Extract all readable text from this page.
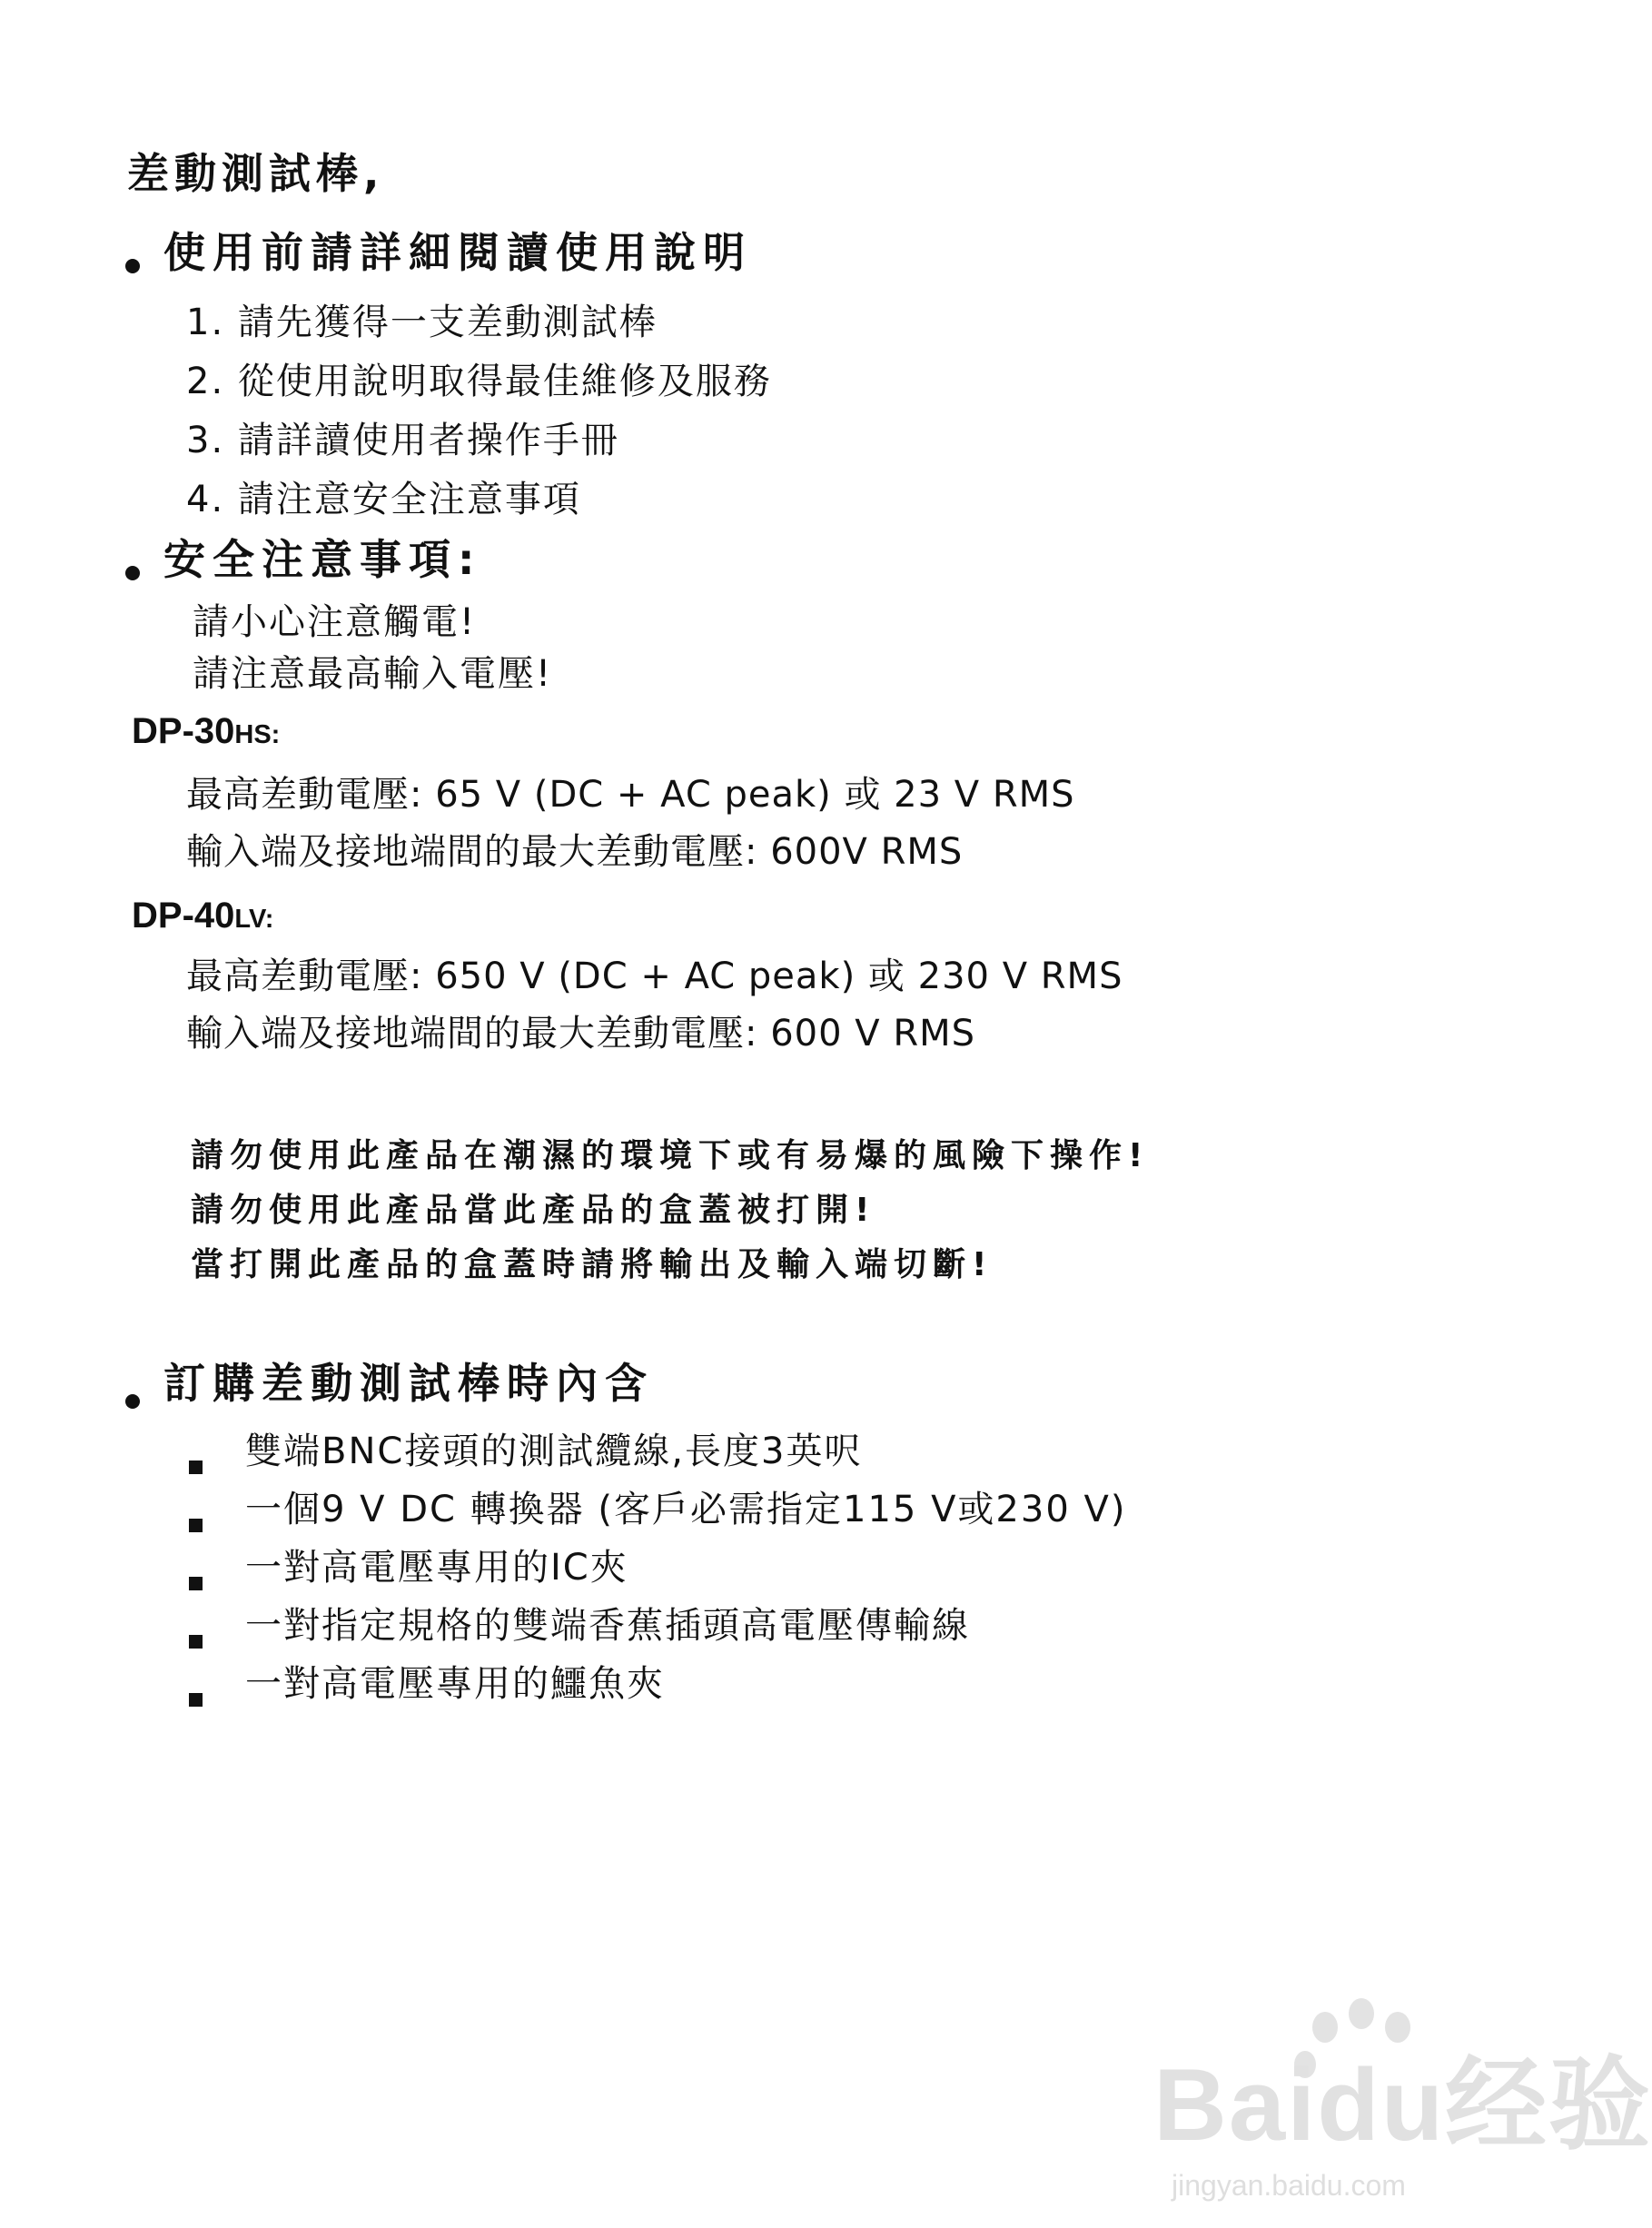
差動測試棒,
使用前請詳細閱讀使用說明
1. 請先獲得一支差動測試棒
2. 從使用說明取得最佳維修及服務
3. 請詳讀使用者操作手冊
4. 請注意安全注意事項
安全注意事項:
請小心注意觸電!
請注意最高輸入電壓!
DP-30HS:
最高差動電壓: 65 V (DC + AC peak) 或 23 V RMS
輸入端及接地端間的最大差動電壓: 600V RMS
DP-40LV:
最高差動電壓: 650 V (DC + AC peak) 或 230 V RMS
輸入端及接地端間的最大差動電壓: 600 V RMS
請勿使用此產品在潮濕的環境下或有易爆的風險下操作!
請勿使用此產品當此產品的盒蓋被打開!
當打開此產品的盒蓋時請將輸出及輸入端切斷!
訂購差動測試棒時內含
雙端BNC接頭的測試纜線,長度3英呎
一個9 V DC 轉換器 (客戶必需指定115 V或230 V)
一對高電壓專用的IC夾
一對指定規格的雙端香蕉插頭高電壓傳輸線
一對高電壓專用的鱷魚夾
Baidu经验
jingyan.baidu.com
